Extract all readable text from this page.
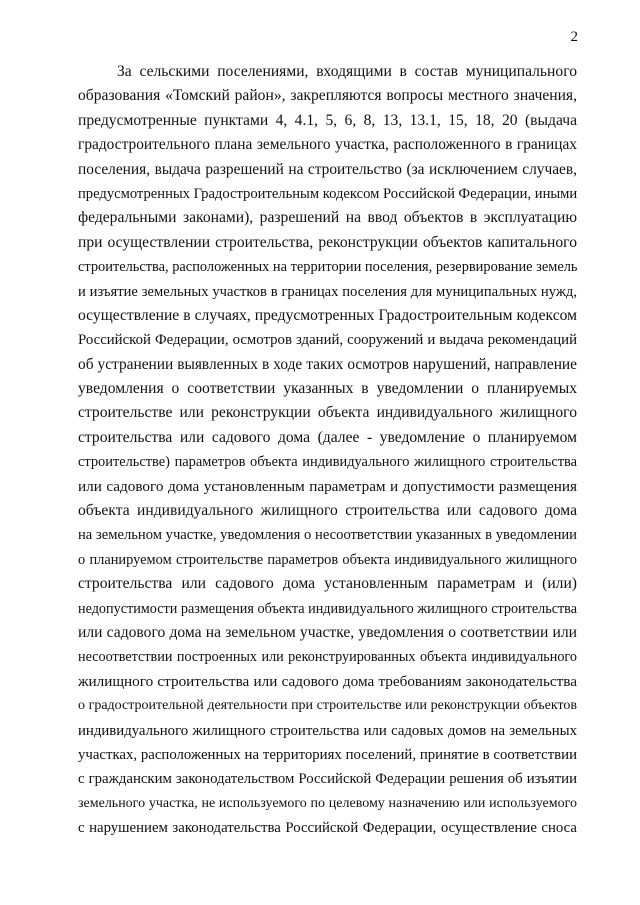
2
За сельскими поселениями, входящими в состав муниципального
образования «Томский район», закрепляются вопросы местного значения,
предусмотренные пунктами 4, 4.1, 5, 6, 8, 13, 13.1, 15, 18, 20 (выдача
градостроительного плана земельного участка, расположенного в границах
поселения, выдача разрешений на строительство (за исключением случаев,
предусмотренных Градостроительным кодексом Российской Федерации, иными
федеральными законами), разрешений на ввод объектов в эксплуатацию
при осуществлении строительства, реконструкции объектов капитального
строительства, расположенных на территории поселения, резервирование земель
и изъятие земельных участков в границах поселения для муниципальных нужд,
осуществление в случаях, предусмотренных Градостроительным кодексом
Российской Федерации, осмотров зданий, сооружений и выдача рекомендаций
об устранении выявленных в ходе таких осмотров нарушений, направление
уведомления о соответствии указанных в уведомлении о планируемых
строительстве или реконструкции объекта индивидуального жилищного
строительства или садового дома (далее - уведомление о планируемом
строительстве) параметров объекта индивидуального жилищного строительства
или садового дома установленным параметрам и допустимости размещения
объекта индивидуального жилищного строительства или садового дома
на земельном участке, уведомления о несоответствии указанных в уведомлении
о планируемом строительстве параметров объекта индивидуального жилищного
строительства или садового дома установленным параметрам и (или)
недопустимости размещения объекта индивидуального жилищного строительства
или садового дома на земельном участке, уведомления о соответствии или
несоответствии построенных или реконструированных объекта индивидуального
жилищного строительства или садового дома требованиям законодательства
о градостроительной деятельности при строительстве или реконструкции объектов
индивидуального жилищного строительства или садовых домов на земельных
участках, расположенных на территориях поселений, принятие в соответствии
с гражданским законодательством Российской Федерации решения об изъятии
земельного участка, не используемого по целевому назначению или используемого
с нарушением законодательства Российской Федерации, осуществление сноса
